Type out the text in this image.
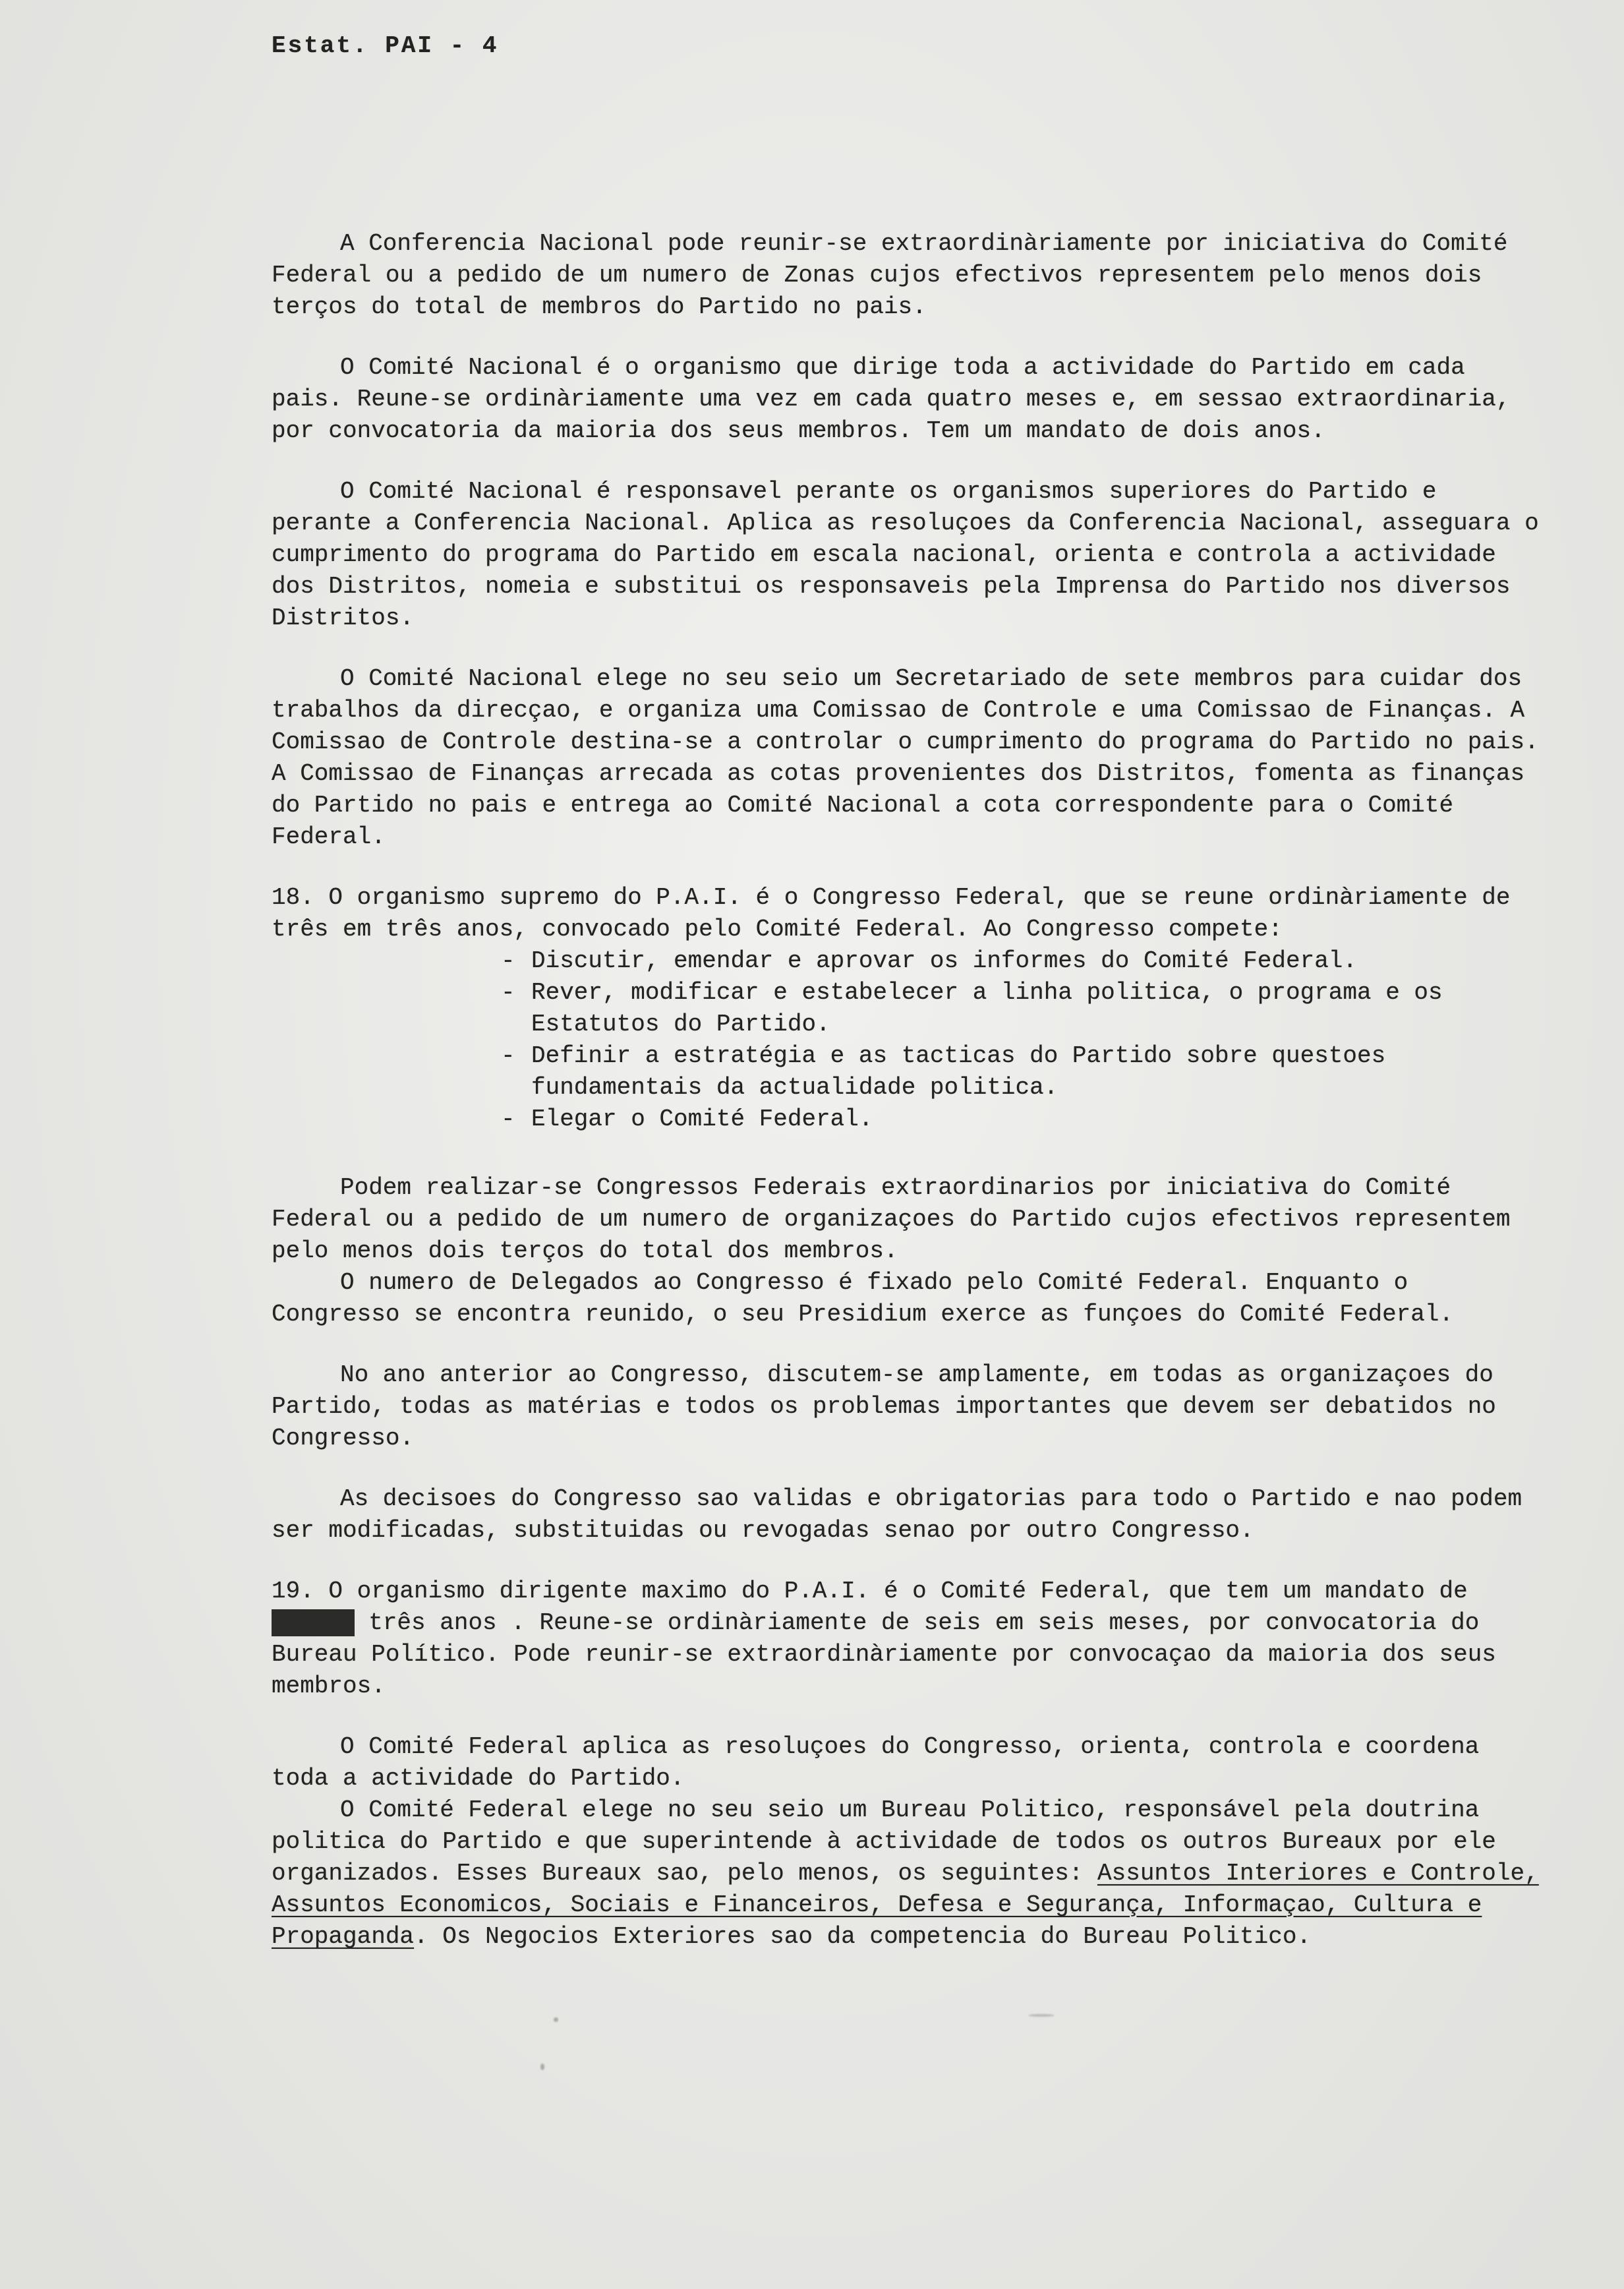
Estat. PAI - 4

A Conferencia Nacional pode reunir-se extraordinàriamente por iniciativa do Comité Federal ou a pedido de um numero de Zonas cujos efectivos representem pelo menos dois terços do total de membros do Partido no pais.

O Comité Nacional é o organismo que dirige toda a actividade do Partido em cada pais. Reune-se ordinàriamente uma vez em cada quatro meses e, em sessao extraordinaria, por convocatoria da maioria dos seus membros. Tem um mandato de dois anos.

O Comité Nacional é responsavel perante os organismos superiores do Partido e perante a Conferencia Nacional. Aplica as resoluçoes da Conferencia Nacional, asseguara o cumprimento do programa do Partido em escala nacional, orienta e controla a actividade dos Distritos, nomeia e substitui os responsaveis pela Imprensa do Partido nos diversos Distritos.

O Comité Nacional elege no seu seio um Secretariado de sete membros para cuidar dos trabalhos da direcçao, e organiza uma Comissao de Controle e uma Comissao de Finanças. A Comissao de Controle destina-se a controlar o cumprimento do programa do Partido no pais. A Comissao de Finanças arrecada as cotas provenientes dos Distritos, fomenta as finanças do Partido no pais e entrega ao Comité Nacional a cota correspondente para o Comité Federal.

18. O organismo supremo do P.A.I. é o Congresso Federal, que se reune ordinàriamente de três em três anos, convocado pelo Comité Federal. Ao Congresso compete:

- Discutir, emendar e aprovar os informes do Comité Federal.
- Rever, modificar e estabelecer a linha politica, o programa e os Estatutos do Partido.
- Definir a estratégia e as tacticas do Partido sobre questoes fundamentais da actualidade politica.
- Elegar o Comité Federal.

Podem realizar-se Congressos Federais extraordinarios por iniciativa do Comité Federal ou a pedido de um numero de organizaçoes do Partido cujos efectivos representem pelo menos dois terços do total dos membros.

O numero de Delegados ao Congresso é fixado pelo Comité Federal. Enquanto o Congresso se encontra reunido, o seu Presidium exerce as funçoes do Comité Federal.

No ano anterior ao Congresso, discutem-se amplamente, em todas as organizaçoes do Partido, todas as matérias e todos os problemas importantes que devem ser debatidos no Congresso.

As decisoes do Congresso sao validas e obrigatorias para todo o Partido e nao podem ser modificadas, substituidas ou revogadas senao por outro Congresso.

19. O organismo dirigente maximo do P.A.I. é o Comité Federal, que tem um mandato de xxxxxx três anos . Reune-se ordinàriamente de seis em seis meses, por convocatoria do Bureau Político. Pode reunir-se extraordinàriamente por convocaçao da maioria dos seus membros.

O Comité Federal aplica as resoluçoes do Congresso, orienta, controla e coordena toda a actividade do Partido.

O Comité Federal elege no seu seio um Bureau Politico, responsável pela doutrina politica do Partido e que superintende à actividade de todos os outros Bureaux por ele organizados. Esses Bureaux sao, pelo menos, os seguintes: Assuntos Interiores e Controle, Assuntos Economicos, Sociais e Financeiros, Defesa e Segurança, Informaçao, Cultura e Propaganda. Os Negocios Exteriores sao da competencia do Bureau Politico.
